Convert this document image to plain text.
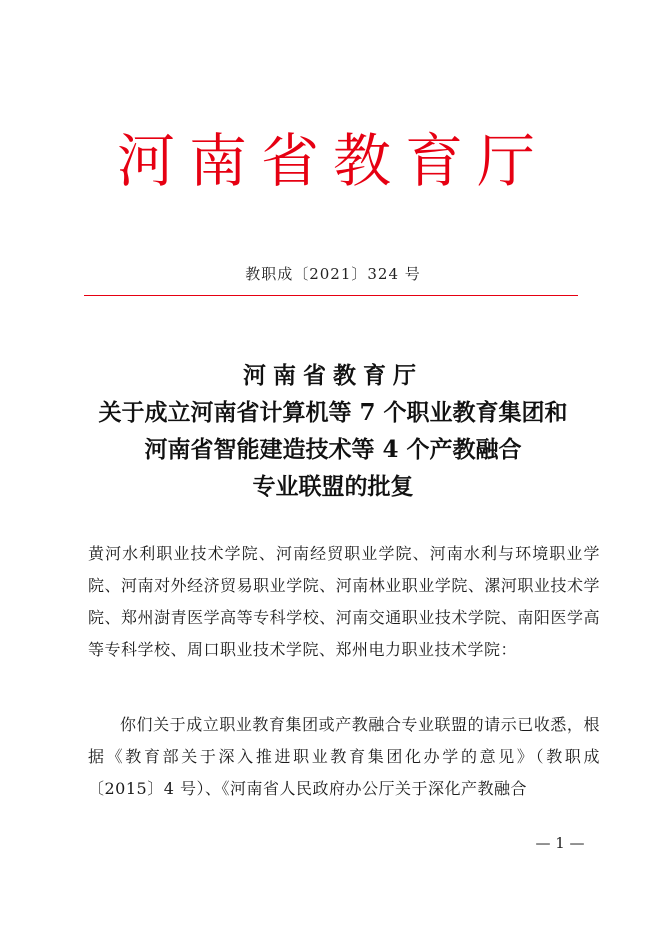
河南省教育厅
教职成〔2021〕324 号
河南省教育厅
关于成立河南省计算机等 7 个职业教育集团和
河南省智能建造技术等 4 个产教融合
专业联盟的批复
黄河水利职业技术学院、河南经贸职业学院、河南水利与环境职业学院、河南对外经济贸易职业学院、河南林业职业学院、漯河职业技术学院、郑州澍青医学高等专科学校、河南交通职业技术学院、南阳医学高等专科学校、周口职业技术学院、郑州电力职业技术学院：
你们关于成立职业教育集团或产教融合专业联盟的请示已收悉，根据《教育部关于深入推进职业教育集团化办学的意见》（教职成〔2015〕4 号）、《河南省人民政府办公厅关于深化产教融合
— 1 —
